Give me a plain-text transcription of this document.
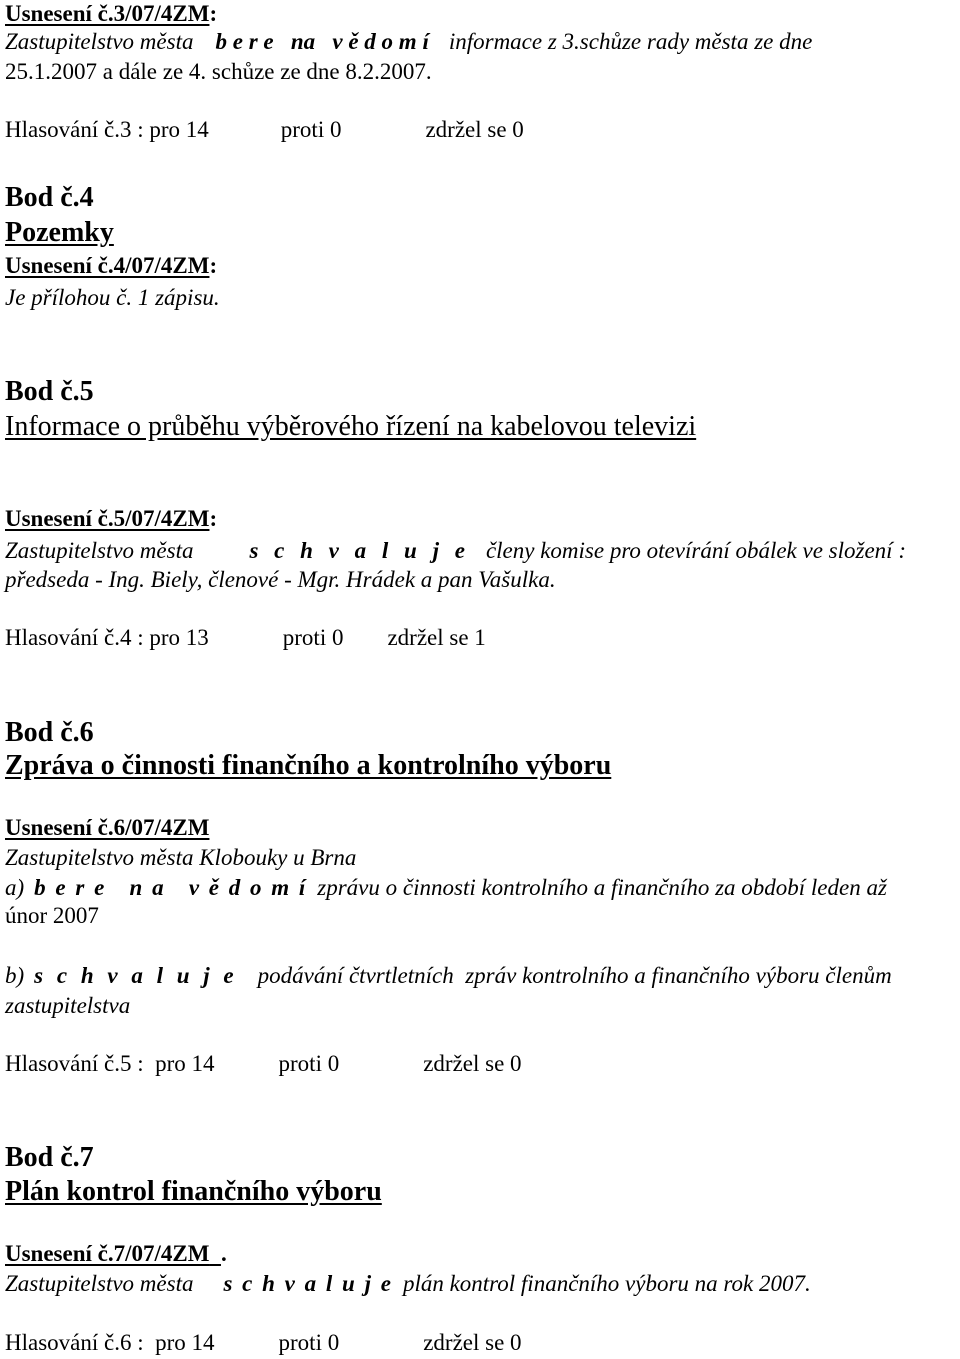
Usnesení č.3/07/4ZM:
Zastupitelstvo města b e r e   na   v ě d o m í informace z 3.schůze rady města ze dne
25.1.2007 a dále ze 4. schůze ze dne 8.2.2007.
Hlasování č.3 : pro 14	proti 0	zdržel se 0
Bod č.4
Pozemky
Usnesení č.4/07/4ZM:
Je přílohou č. 1 zápisu.
Bod č.5
Informace o průběhu výběrového řízení na kabelovou televizi
Usnesení č.5/07/4ZM:
Zastupitelstvo města s c h v a l u j e členy komise pro otevírání obálek ve složení :
předseda - Ing. Biely, členové - Mgr. Hrádek a pan Vašulka.
Hlasování č.4 : pro 13	proti 0 zdržel se 1
Bod č.6
Zpráva o činnosti finančního a kontrolního výboru
Usnesení č.6/07/4ZM
Zastupitelstvo města Klobouky u Brna
a) b e r e   n a   v ě d o m í zprávu o činnosti kontrolního a finančního za období leden až
únor 2007
b) s c h v a l u j e podávání čtvrtletních  zpráv kontrolního a finančního výboru členům
zastupitelstva
Hlasování č.5 :  pro 14	proti 0	zdržel se 0
Bod č.7
Plán kontrol finančního výboru
Usnesení č.7/07/4ZM .
Zastupitelstvo města s c h v a l u j e plán kontrol finančního výboru na rok 2007.
Hlasování č.6 :  pro 14	proti 0	zdržel se 0
